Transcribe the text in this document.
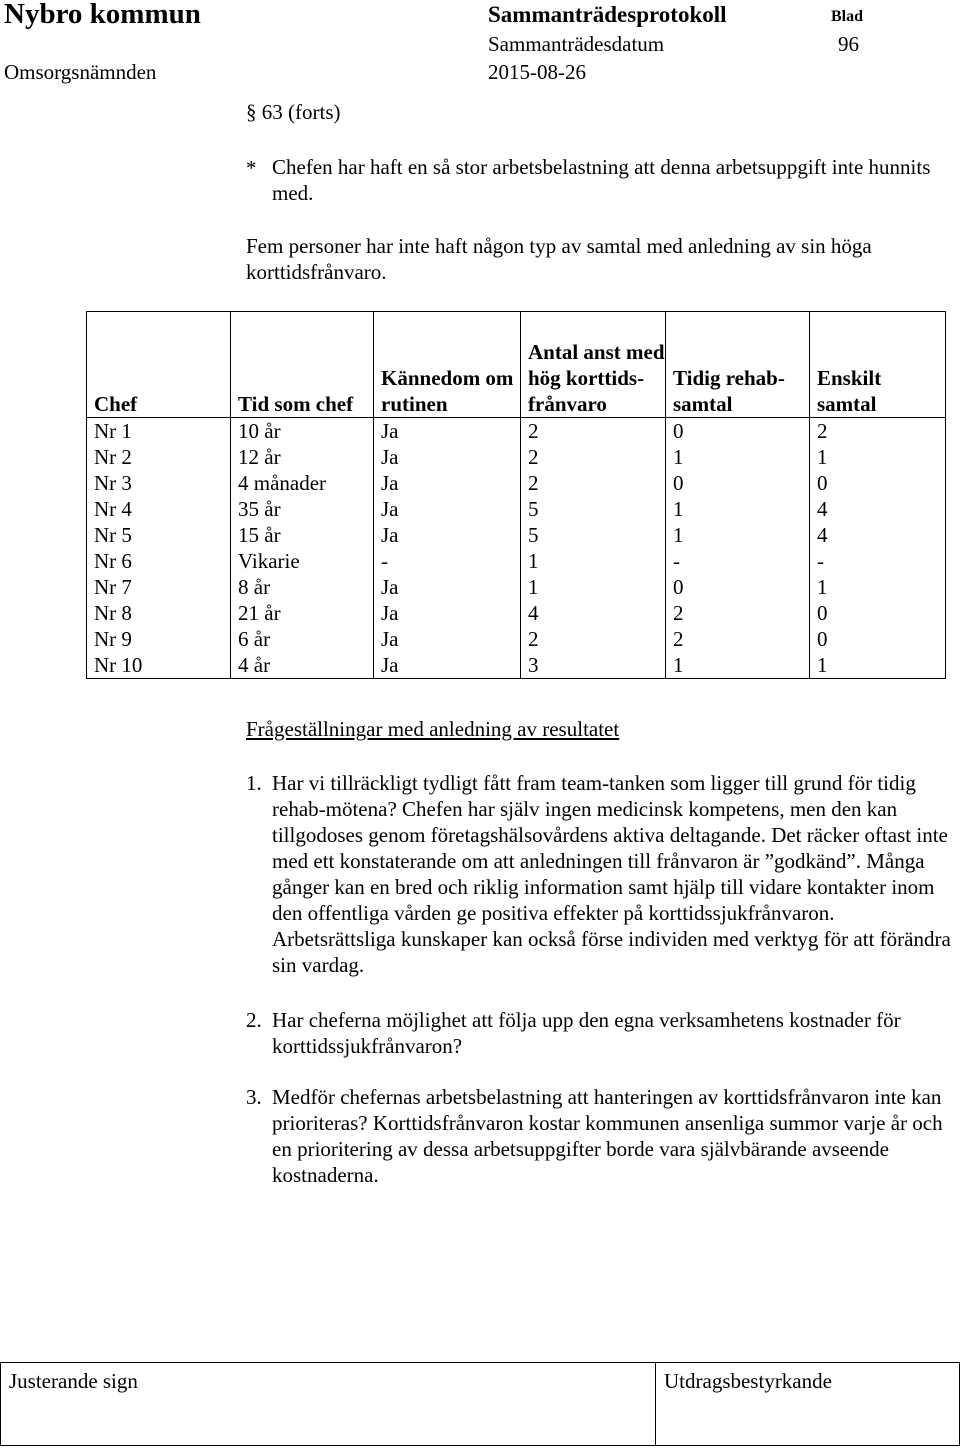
Nybro kommun	Sammanträdesprotokoll	Blad
Sammanträdesdatum	96
Omsorgsnämnden	2015-08-26
§ 63 (forts)
* Chefen har haft en så stor arbetsbelastning att denna arbetsuppgift inte hunnits med.
Fem personer har inte haft någon typ av samtal med anledning av sin höga korttidsfrånvaro.
Chef	Tid som chef	Kännedom om rutinen	Antal anst med hög korttids-frånvaro	Tidig rehab-samtal	Enskilt samtal
Nr 1	10 år	Ja	2	0	2
Nr 2	12 år	Ja	2	1	1
Nr 3	4 månader	Ja	2	0	0
Nr 4	35 år	Ja	5	1	4
Nr 5	15 år	Ja	5	1	4
Nr 6	Vikarie	-	1	-	-
Nr 7	8 år	Ja	1	0	1
Nr 8	21 år	Ja	4	2	0
Nr 9	6 år	Ja	2	2	0
Nr 10	4 år	Ja	3	1	1
Frågeställningar med anledning av resultatet
1. Har vi tillräckligt tydligt fått fram team-tanken som ligger till grund för tidig rehab-mötena? Chefen har själv ingen medicinsk kompetens, men den kan tillgodoses genom företagshälsovårdens aktiva deltagande. Det räcker oftast inte med ett konstaterande om att anledningen till frånvaron är ”godkänd”. Många gånger kan en bred och riklig information samt hjälp till vidare kontakter inom den offentliga vården ge positiva effekter på korttidssjukfrånvaron. Arbetsrättsliga kunskaper kan också förse individen med verktyg för att förändra sin vardag.
2. Har cheferna möjlighet att följa upp den egna verksamhetens kostnader för korttidssjukfrånvaron?
3. Medför chefernas arbetsbelastning att hanteringen av korttidsfrånvaron inte kan prioriteras? Korttidsfrånvaron kostar kommunen ansenliga summor varje år och en prioritering av dessa arbetsuppgifter borde vara självbärande avseende kostnaderna.
Justerande sign	Utdragsbestyrkande
